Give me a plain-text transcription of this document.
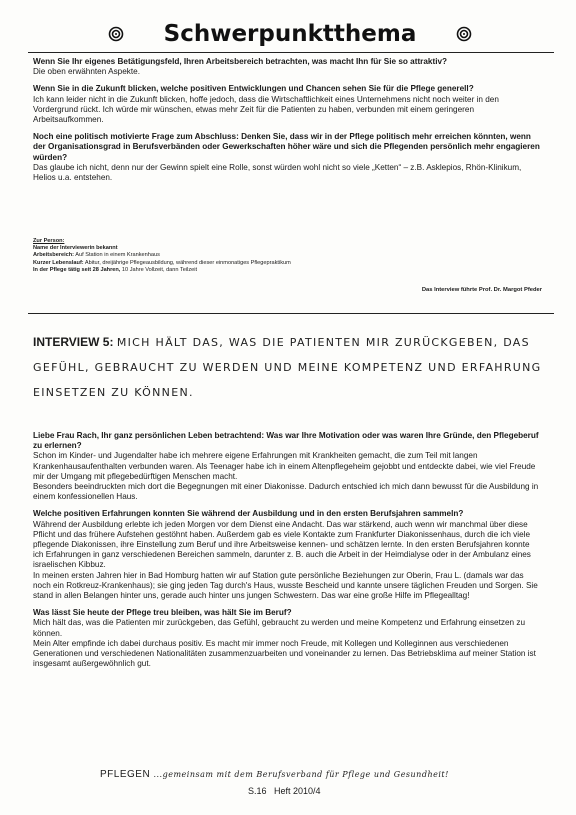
Schwerpunktthema

Wenn Sie Ihr eigenes Betätigungsfeld, Ihren Arbeitsbereich betrachten, was macht Ihn für Sie so attraktiv?

Die oben erwähnten Aspekte.

Wenn Sie in die Zukunft blicken, welche positiven Entwicklungen und Chancen sehen Sie für die Pflege generell?

Ich kann leider nicht in die Zukunft blicken, hoffe jedoch, dass die Wirtschaftlichkeit eines Unternehmens nicht noch weiter in den Vordergrund rückt. Ich würde mir wünschen, etwas mehr Zeit für die Patienten zu haben, verbunden mit einem geringeren Arbeitsaufkommen.

Noch eine politisch motivierte Frage zum Abschluss: Denken Sie, dass wir in der Pflege politisch mehr erreichen könnten, wenn der Organisationsgrad in Berufsverbänden oder Gewerkschaften höher wäre und sich die Pflegenden persönlich mehr engagieren würden?

Das glaube ich nicht, denn nur der Gewinn spielt eine Rolle, sonst würden wohl nicht so viele „Ketten“ – z.B. Asklepios, Rhön-Klinikum, Helios u.a. entstehen.

Zur Person:
Name der Interviewerin bekannt
Arbeitsbereich: Auf Station in einem Krankenhaus
Kurzer Lebenslauf: Abitur, dreijährige Pflegeausbildung, während dieser einmonatiges Pflegepraktikum
In der Pflege tätig seit 28 Jahren, 10 Jahre Vollzeit, dann Teilzeit
Das Interview führte Prof. Dr. Margot Pfeder
INTERVIEW 5: MICH HÄLT DAS, WAS DIE PATIENTEN MIR ZURÜCKGEBEN, DAS GEFÜHL, GEBRAUCHT ZU WERDEN UND MEINE KOMPETENZ UND ERFAHRUNG EINSETZEN ZU KÖNNEN.

Liebe Frau Rach, Ihr ganz persönlichen Leben betrachtend: Was war Ihre Motivation oder was waren Ihre Gründe, den Pflegeberuf zu erlernen?

Schon im Kinder- und Jugendalter habe ich mehrere eigene Erfahrungen mit Krankheiten gemacht, die zum Teil mit langen Krankenhausaufenthalten verbunden waren. Als Teenager habe ich in einem Altenpflegeheim gejobbt und entdeckte dabei, wie viel Freude mir der Umgang mit pflegebedürftigen Menschen macht.

Besonders beeindruckten mich dort die Begegnungen mit einer Diakonisse. Dadurch entschied ich mich dann bewusst für die Ausbildung in einem konfessionellen Haus.

Welche positiven Erfahrungen konnten Sie während der Ausbildung und in den ersten Berufsjahren sammeln?

Während der Ausbildung erlebte ich jeden Morgen vor dem Dienst eine Andacht. Das war stärkend, auch wenn wir manchmal über diese Pflicht und das frühere Aufstehen gestöhnt haben. Außerdem gab es viele Kontakte zum Frankfurter Diakonissenhaus, durch die ich viele pflegende Diakonissen, ihre Einstellung zum Beruf und ihre Arbeitsweise kennen- und schätzen lernte. In den ersten Berufsjahren konnte ich Erfahrungen in ganz verschiedenen Bereichen sammeln, darunter z. B. auch die Arbeit in der Heimdialyse oder in der Ambulanz eines israelischen Kibbuz.

In meinen ersten Jahren hier in Bad Homburg hatten wir auf Station gute persönliche Beziehungen zur Oberin, Frau L. (damals war das noch ein Rotkreuz-Krankenhaus); sie ging jeden Tag durch's Haus, wusste Bescheid und kannte unsere täglichen Freuden und Sorgen. Sie stand in allen Belangen hinter uns, gerade auch hinter uns jungen Schwestern. Das war eine große Hilfe im Pflegealltag!

Was lässt Sie heute der Pflege treu bleiben, was hält Sie im Beruf?

Mich hält das, was die Patienten mir zurückgeben, das Gefühl, gebraucht zu werden und meine Kompetenz und Erfahrung einsetzen zu können.

Mein Alter empfinde ich dabei durchaus positiv. Es macht mir immer noch Freude, mit Kollegen und Kolleginnen aus verschiedenen Generationen und verschiedenen Nationalitäten zusammenzuarbeiten und voneinander zu lernen. Das Betriebsklima auf meiner Station ist insgesamt außergewöhnlich gut.

PFLEGEN ...gemeinsam mit dem Berufsverband für Pflege und Gesundheit!
S.16 Heft 2010/4
